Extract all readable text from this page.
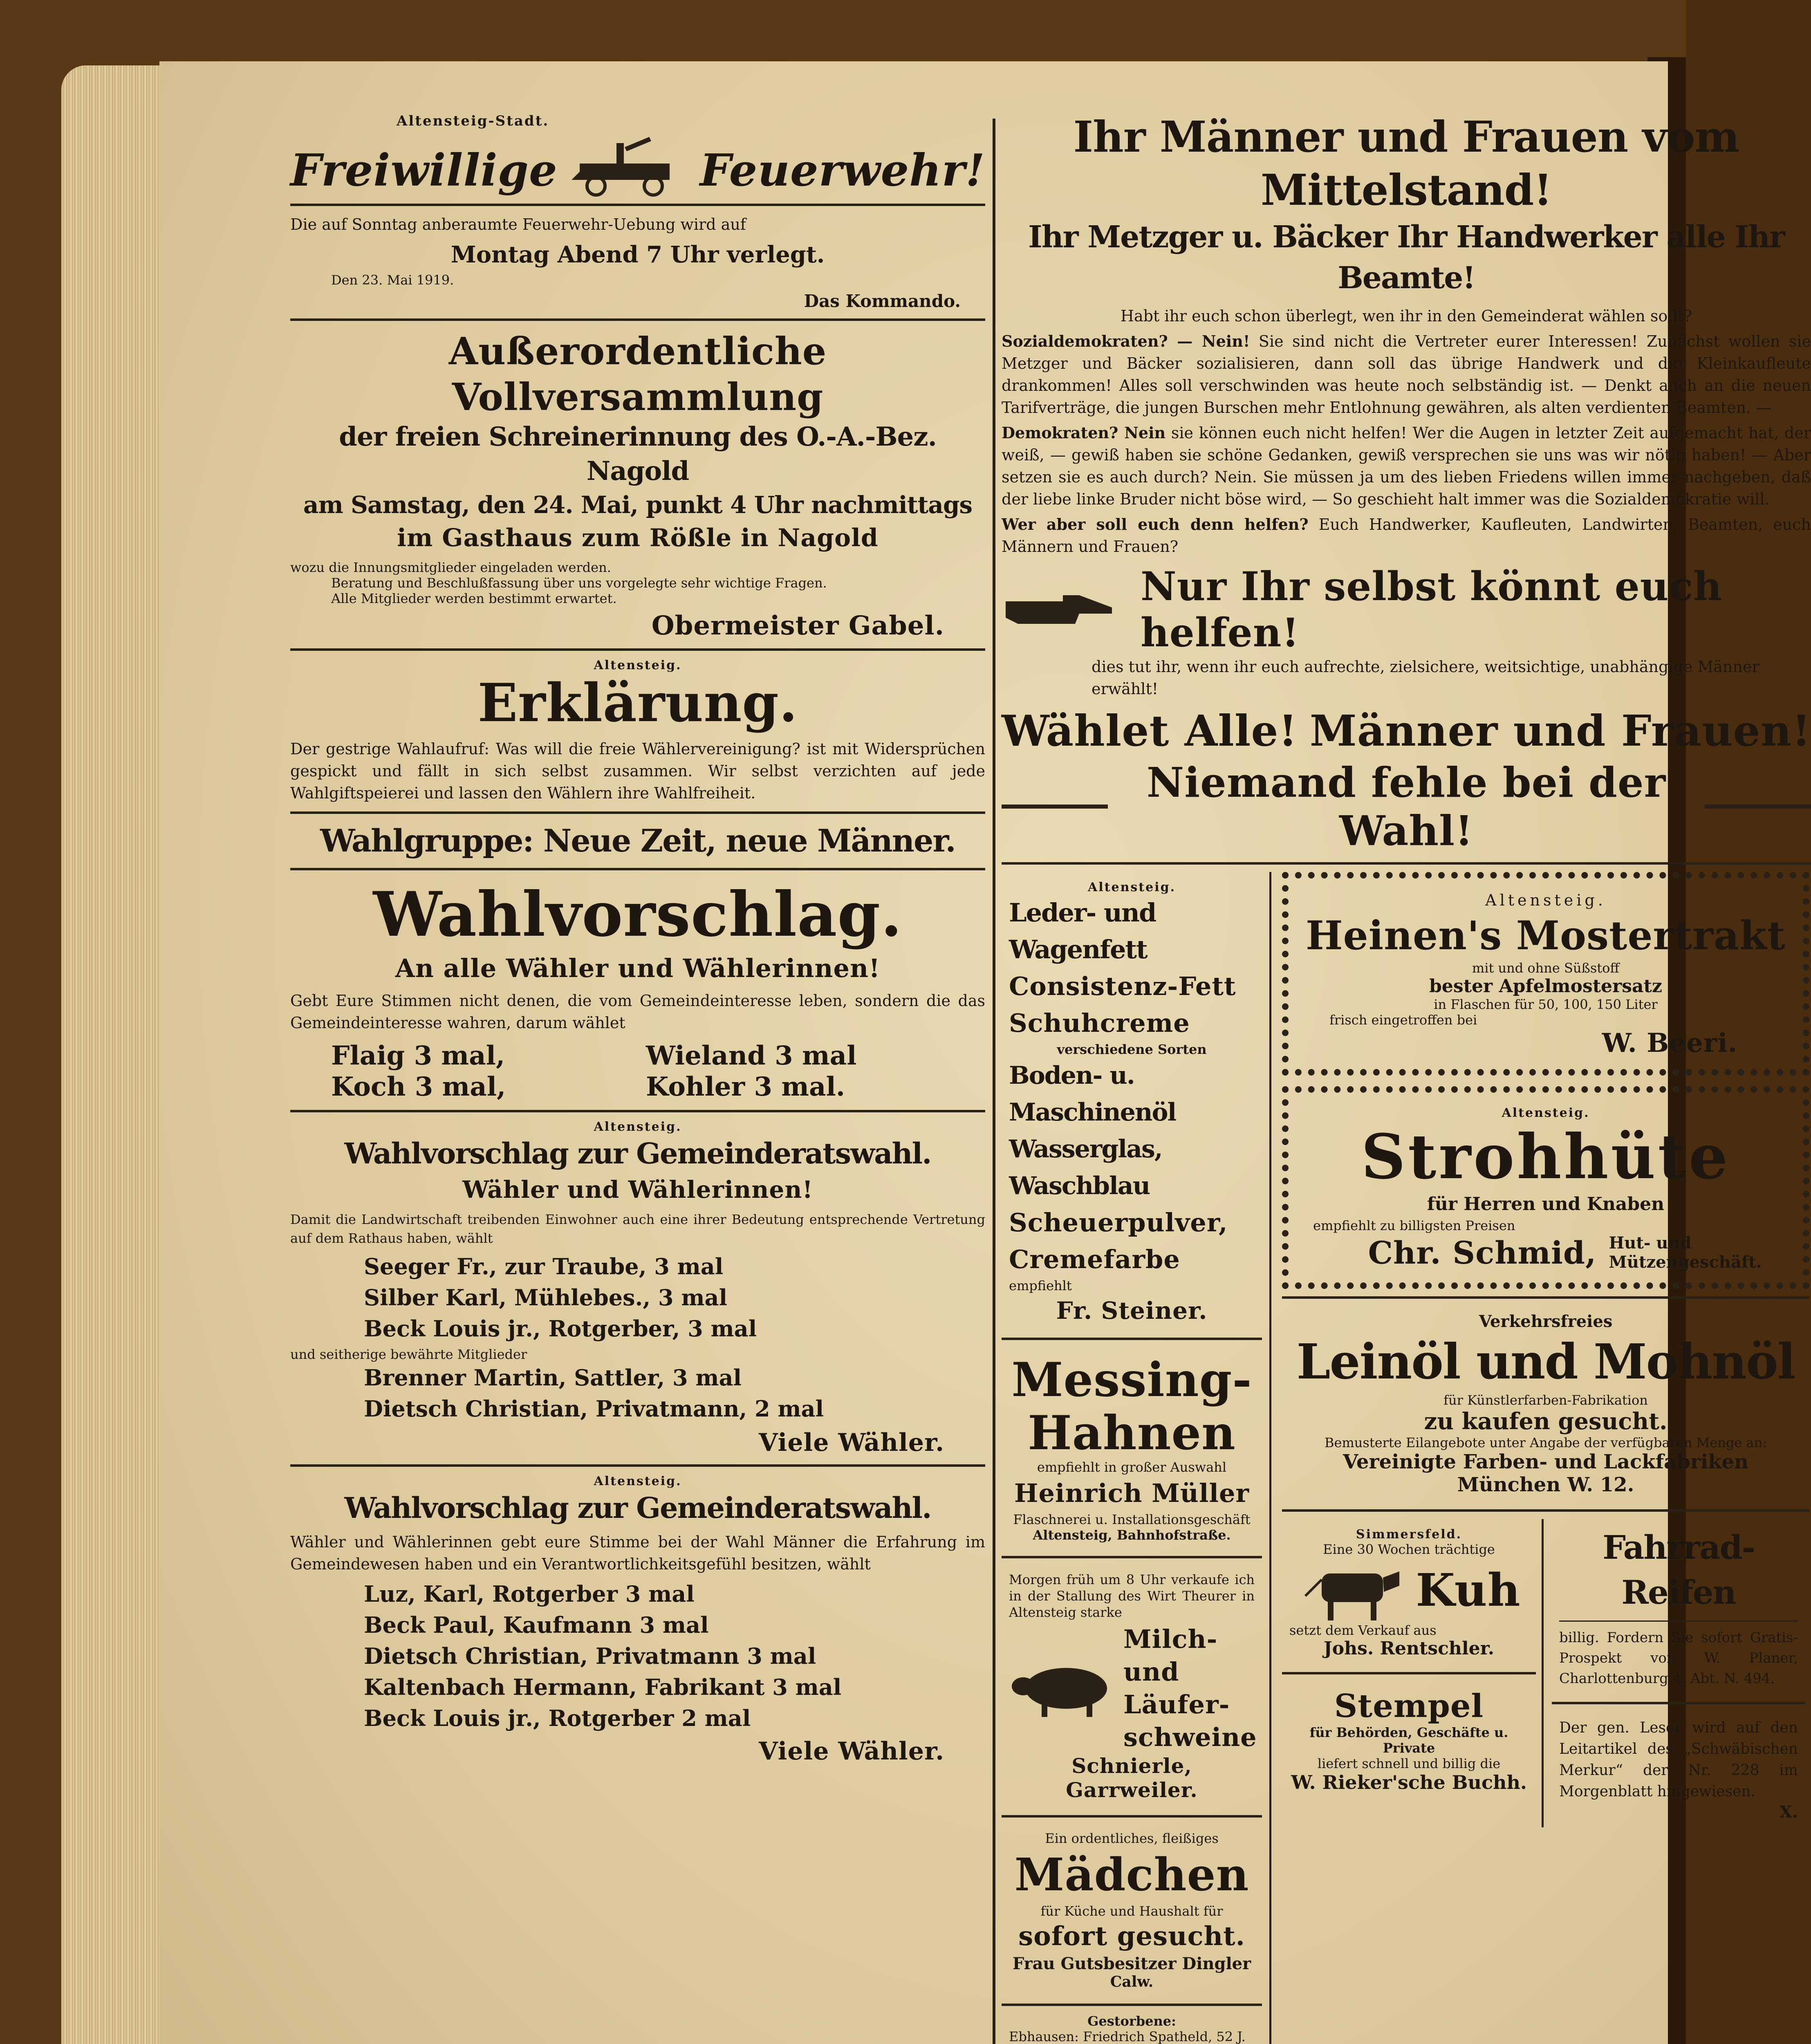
Altensteig-Stadt.
Freiwillige	Feuerwehr!

Die auf Sonntag anberaumte Feuerwehr-Uebung wird auf

Montag Abend 7 Uhr verlegt.

Den 23. Mai 1919.

Das Kommando.

Außerordentliche Vollversammlung

der freien Schreinerinnung des O.-A.-Bez. Nagold

am Samstag, den 24. Mai, punkt 4 Uhr nachmittags

im Gasthaus zum Rößle in Nagold

wozu die Innungsmitglieder eingeladen werden.

Beratung und Beschlußfassung über uns vorgelegte sehr wichtige Fragen.

Alle Mitglieder werden bestimmt erwartet.

Obermeister Gabel.

Altensteig.

Erklärung.

Der gestrige Wahlaufruf: Was will die freie Wählervereinigung? ist mit Widersprüchen gespickt und fällt in sich selbst zusammen. Wir selbst verzichten auf jede Wahlgiftspeierei und lassen den Wählern ihre Wahlfreiheit.

Wahlgruppe: Neue Zeit, neue Männer.

Wahlvorschlag.

An alle Wähler und Wählerinnen!

Gebt Eure Stimmen nicht denen, die vom Gemeindeinteresse leben, sondern die das Gemeindeinteresse wahren, darum wählet

Flaig 3 mal,	Wieland 3 mal
Koch 3 mal,	Kohler 3 mal.

Altensteig.

Wahlvorschlag zur Gemeinderatswahl.

Wähler und Wählerinnen!

Damit die Landwirtschaft treibenden Einwohner auch eine ihrer Bedeutung entsprechende Vertretung auf dem Rathaus haben, wählt

Seeger Fr., zur Traube, 3 mal

Silber Karl, Mühlebes., 3 mal

Beck Louis jr., Rotgerber, 3 mal

und seitherige bewährte Mitglieder

Brenner Martin, Sattler, 3 mal

Dietsch Christian, Privatmann, 2 mal

Viele Wähler.

Altensteig.

Wahlvorschlag zur Gemeinderatswahl.

Wähler und Wählerinnen gebt eure Stimme bei der Wahl Männer die Erfahrung im Gemeindewesen haben und ein Verantwortlichkeitsgefühl besitzen, wählt

Luz, Karl, Rotgerber 3 mal

Beck Paul, Kaufmann 3 mal

Dietsch Christian, Privatmann 3 mal

Kaltenbach Hermann, Fabrikant 3 mal

Beck Louis jr., Rotgerber 2 mal

Viele Wähler.

Ihr Männer und Frauen vom Mittelstand!

Ihr Metzger u. Bäcker Ihr Handwerker alle Ihr Beamte!

Habt ihr euch schon überlegt, wen ihr in den Gemeinderat wählen sollt?

Sozialdemokraten? — Nein! Sie sind nicht die Vertreter eurer Interessen! Zunächst wollen sie Metzger und Bäcker sozialisieren, dann soll das übrige Handwerk und die Kleinkaufleute drankommen! Alles soll verschwinden was heute noch selbständig ist. — Denkt auch an die neuen Tarifverträge, die jungen Burschen mehr Entlohnung gewähren, als alten verdienten Beamten. —

Demokraten? Nein sie können euch nicht helfen! Wer die Augen in letzter Zeit aufgemacht hat, der weiß, — gewiß haben sie schöne Gedanken, gewiß versprechen sie uns was wir nötig haben! — Aber setzen sie es auch durch? Nein. Sie müssen ja um des lieben Friedens willen immer nachgeben, daß der liebe linke Bruder nicht böse wird, — So geschieht halt immer was die Sozialdemokratie will.

Wer aber soll euch denn helfen? Euch Handwerker, Kaufleuten, Landwirten, Beamten, euch Männern und Frauen?

Nur Ihr selbst könnt euch helfen!

dies tut ihr, wenn ihr euch aufrechte, zielsichere, weitsichtige, unabhängige Männer erwählt!

Wählet Alle! Männer und Frauen!

Niemand fehle bei der Wahl!

Altensteig.

Leder- und Wagenfett

Consistenz-Fett

Schuhcreme

verschiedene Sorten

Boden- u. Maschinenöl

Wasserglas, Waschblau

Scheuerpulver,

Cremefarbe

empfiehlt

Fr. Steiner.

Messing-

Hahnen

empfiehlt in großer Auswahl

Heinrich Müller

Flaschnerei u. Installationsgeschäft

Altensteig, Bahnhofstraße.

Morgen früh um 8 Uhr verkaufe ich in der Stallung des Wirt Theurer in Altensteig starke

Milch- und

Läufer-

schweine

Schnierle, Garrweiler.

Ein ordentliches, fleißiges

Mädchen

für Küche und Haushalt für

sofort gesucht.

Frau Gutsbesitzer Dingler

Calw.

Gestorbene:

Ebhausen: Friedrich Spatheld, 52 J.

Altensteig.

Heinen's Mostertrakt

mit und ohne Süßstoff

bester Apfelmostersatz

in Flaschen für 50, 100, 150 Liter

frisch eingetroffen bei

W. Beeri.

Altensteig.

Strohhüte

für Herren und Knaben

empfiehlt zu billigsten Preisen

Chr. Schmid, Hut- und Mützengeschäft.

Verkehrsfreies

Leinöl und Mohnöl

für Künstlerfarben-Fabrikation

zu kaufen gesucht.

Bemusterte Eilangebote unter Angabe der verfügbaren Menge an:

Vereinigte Farben- und Lackfabriken

München W. 12.

Simmersfeld.

Eine 30 Wochen trächtige

Kuh

setzt dem Verkauf aus

Johs. Rentschler.

Stempel

für Behörden, Geschäfte u. Private

liefert schnell und billig die

W. Rieker'sche Buchh.

Fahrrad-Reifen

billig. Fordern Sie sofort Gratis-Prospekt von W. Planer, Charlottenburg 4. Abt. N. 494.

Der gen. Leser wird auf den Leitartikel des „Schwäbischen Merkur“ der Nr. 228 im Morgenblatt hingewiesen.

X.
